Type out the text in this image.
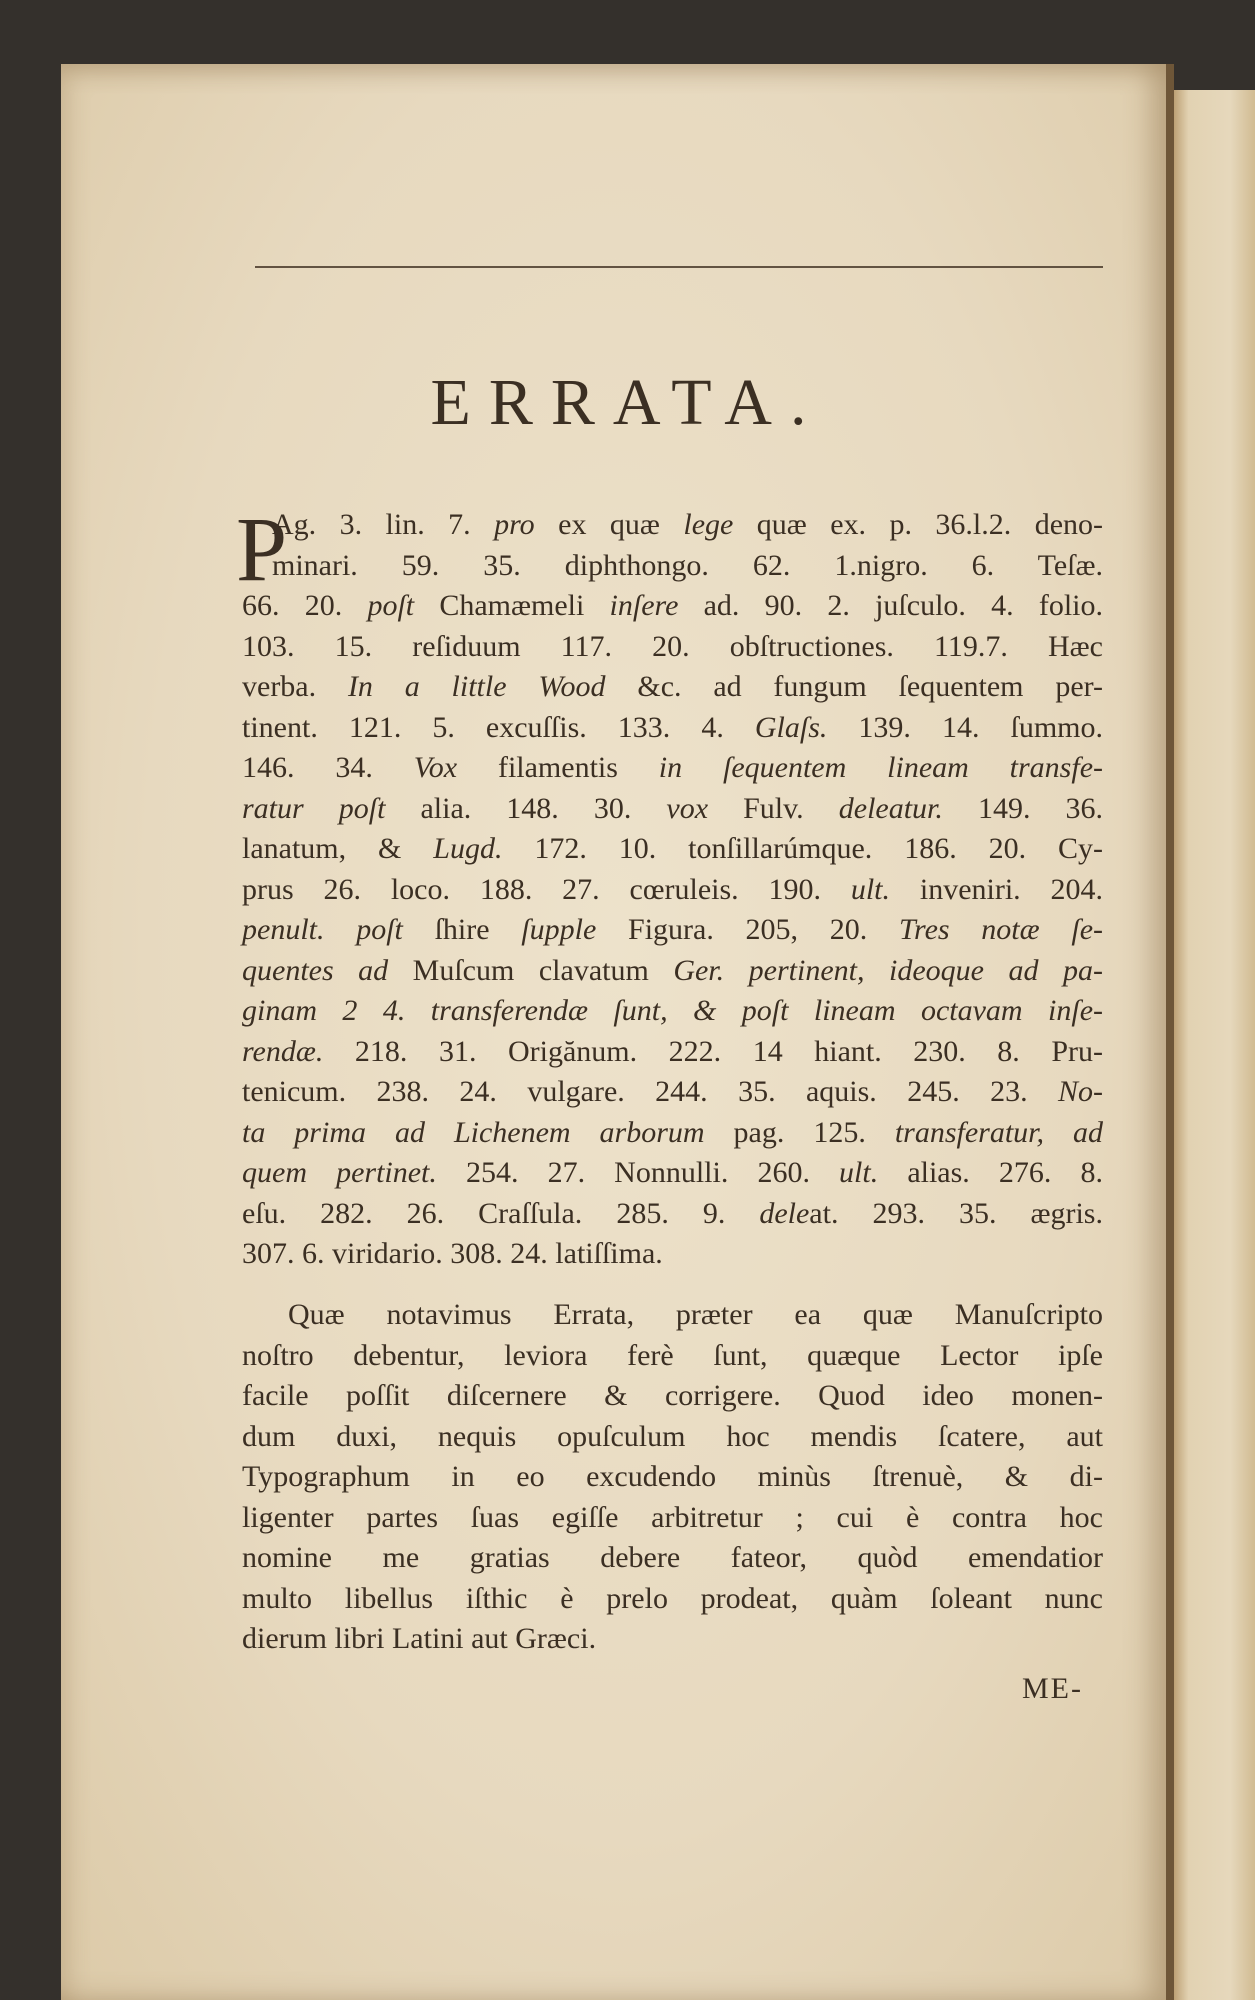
ERRATA.
P
Ag. 3. lin. 7. pro ex quæ lege quæ ex. p. 36.l.2. deno-
minari. 59. 35. diphthongo. 62. 1.nigro. 6. Teſæ.
66. 20. poſt Chamæmeli inſere ad. 90. 2. juſculo. 4. folio.
103. 15. reſiduum 117. 20. obſtructiones. 119.7. Hæc
verba. In a little Wood &c. ad fungum ſequentem per-
tinent. 121. 5. excuſſis. 133. 4. Glaſs. 139. 14. ſummo.
146. 34. Vox filamentis in ſequentem lineam transfe-
ratur poſt alia. 148. 30. vox Fulv. deleatur. 149. 36.
lanatum, & Lugd. 172. 10. tonſillarúmque. 186. 20. Cy-
prus 26. loco. 188. 27. cœruleis. 190. ult. inveniri. 204.
penult. poſt ſhire ſupple Figura. 205, 20. Tres notæ ſe-
quentes ad Muſcum clavatum Ger. pertinent, ideoque ad pa-
ginam 2 4. transferendæ ſunt, & poſt lineam octavam inſe-
rendæ. 218. 31. Origănum. 222. 14 hiant. 230. 8. Pru-
tenicum. 238. 24. vulgare. 244. 35. aquis. 245. 23. No-
ta prima ad Lichenem arborum pag. 125. transferatur, ad
quem pertinet. 254. 27. Nonnulli. 260. ult. alias. 276. 8.
eſu. 282. 26. Craſſula. 285. 9. deleat. 293. 35. ægris.
307. 6. viridario. 308. 24. latiſſima.
Quæ notavimus Errata, præter ea quæ Manuſcripto
noſtro debentur, leviora ferè ſunt, quæque Lector ipſe
facile poſſit diſcernere & corrigere. Quod ideo monen-
dum duxi, nequis opuſculum hoc mendis ſcatere, aut
Typographum in eo excudendo minùs ſtrenuè, & di-
ligenter partes ſuas egiſſe arbitretur ; cui è contra hoc
nomine me gratias debere fateor, quòd emendatior
multo libellus iſthic è prelo prodeat, quàm ſoleant nunc
dierum libri Latini aut Græci.
ME-
